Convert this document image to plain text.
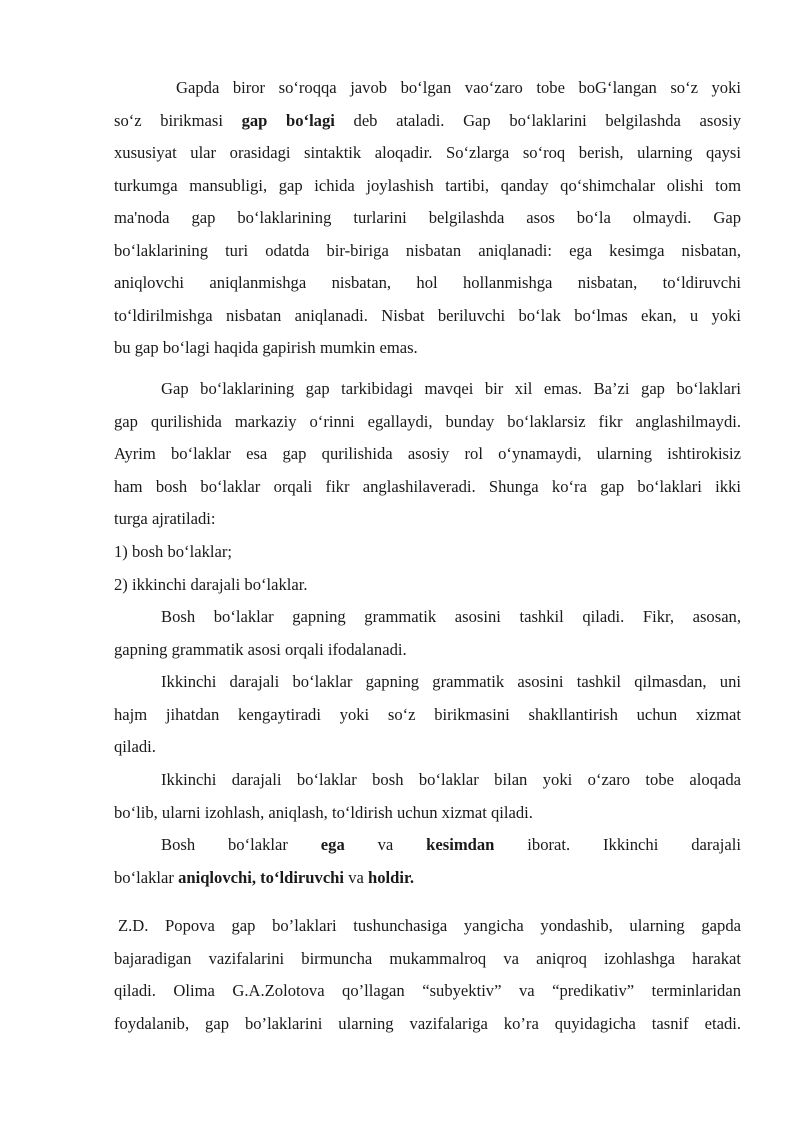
Gapda biror so‘roqqa javob bo‘lgan vao‘zaro tobe boG‘langan so‘z yoki
so‘z birikmasi gap bo‘lagi deb ataladi. Gap bo‘laklarini belgilashda asosiy
xususiyat ular orasidagi sintaktik aloqadir. So‘zlarga so‘roq berish, ularning qaysi
turkumga mansubligi, gap ichida joylashish tartibi, qanday qo‘shimchalar olishi tom
ma'noda gap bo‘laklarining turlarini belgilashda asos bo‘la olmaydi. Gap
bo‘laklarining turi odatda bir-biriga nisbatan aniqlanadi: ega kesimga nisbatan,
aniqlovchi aniqlanmishga nisbatan, hol hollanmishga nisbatan, to‘ldiruvchi
to‘ldirilmishga nisbatan aniqlanadi. Nisbat beriluvchi bo‘lak bo‘lmas ekan, u yoki
bu gap bo‘lagi haqida gapirish mumkin emas.
Gap bo‘laklarining gap tarkibidagi mavqei bir xil emas. Ba’zi gap bo‘laklari
gap qurilishida markaziy o‘rinni egallaydi, bunday bo‘laklarsiz fikr anglashilmaydi.
Ayrim bo‘laklar esa gap qurilishida asosiy rol o‘ynamaydi, ularning ishtirokisiz
ham bosh bo‘laklar orqali fikr anglashilaveradi. Shunga ko‘ra gap bo‘laklari ikki
turga ajratiladi:
1) bosh bo‘laklar;
2) ikkinchi darajali bo‘laklar.
Bosh bo‘laklar gapning grammatik asosini tashkil qiladi. Fikr, asosan,
gapning grammatik asosi orqali ifodalanadi.
Ikkinchi darajali bo‘laklar gapning grammatik asosini tashkil qilmasdan, uni
hajm jihatdan kengaytiradi yoki so‘z birikmasini shakllantirish uchun xizmat
qiladi.
Ikkinchi darajali bo‘laklar bosh bo‘laklar bilan yoki o‘zaro tobe aloqada
bo‘lib, ularni izohlash, aniqlash, to‘ldirish uchun xizmat qiladi.
Bosh bo‘laklar ega va kesimdan iborat. Ikkinchi darajali
bo‘laklar aniqlovchi, to‘ldiruvchi va holdir.
Z.D. Popova gap bo’laklari tushunchasiga yangicha yondashib, ularning gapda
bajaradigan vazifalarini birmuncha mukammalroq va aniqroq izohlashga harakat
qiladi. Olima G.A.Zolotova qo’llagan “subyektiv” va “predikativ” terminlaridan
foydalanib, gap bo’laklarini ularning vazifalariga ko’ra quyidagicha tasnif etadi.
